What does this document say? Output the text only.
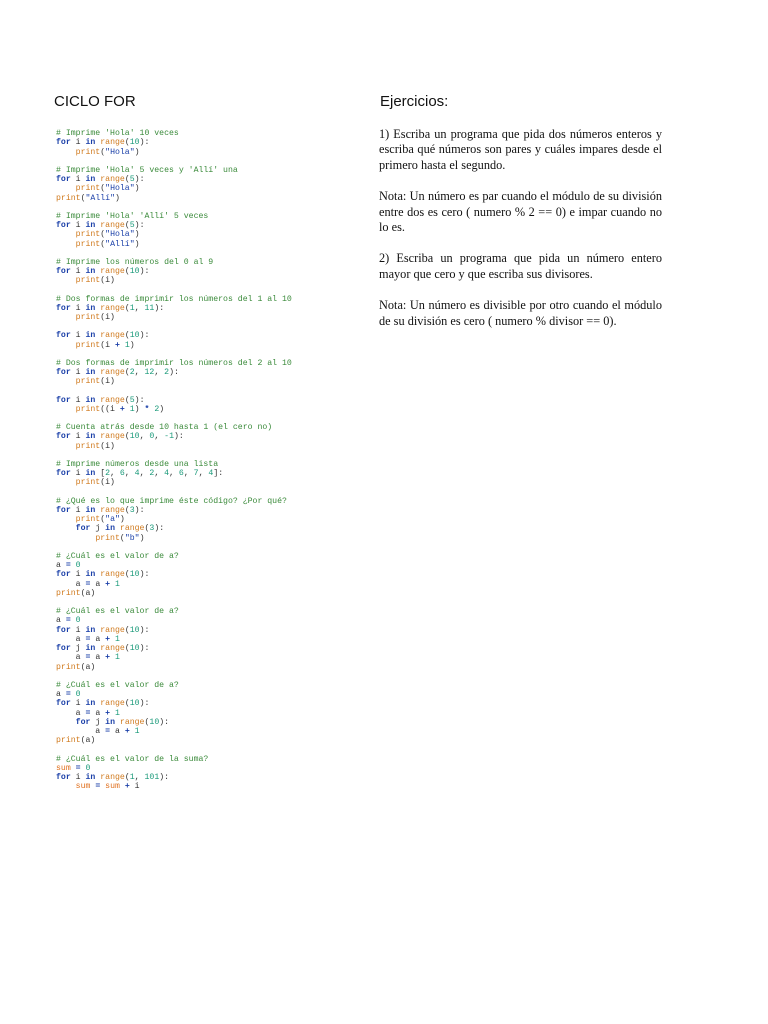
CICLO FOR	Ejercicios:
# Imprime 'Hola' 10 veces
for i in range(10):
print("Hola")
# Imprime 'Hola' 5 veces y 'Allí' una
for i in range(5):
print("Hola")
print("Allí")
# Imprime 'Hola' 'Allí' 5 veces
for i in range(5):
print("Hola")
print("Allí")
# Imprime los números del 0 al 9
for i in range(10):
print(i)
# Dos formas de imprimir los números del 1 al 10
for i in range(1, 11):
print(i)
for i in range(10):
print(i + 1)
# Dos formas de imprimir los números del 2 al 10
for i in range(2, 12, 2):
print(i)
for i in range(5):
print((i + 1) * 2)
# Cuenta atrás desde 10 hasta 1 (el cero no)
for i in range(10, 0, -1):
print(i)
# Imprime números desde una lista
for i in [2, 6, 4, 2, 4, 6, 7, 4]:
print(i)
# ¿Qué es lo que imprime éste código? ¿Por qué?
for i in range(3):
print("a")
for j in range(3):
print("b")
# ¿Cuál es el valor de a?
a = 0
for i in range(10):
a = a + 1
print(a)
# ¿Cuál es el valor de a?
a = 0
for i in range(10):
a = a + 1
for j in range(10):
a = a + 1
print(a)
# ¿Cuál es el valor de a?
a = 0
for i in range(10):
a = a + 1
for j in range(10):
a = a + 1
print(a)
# ¿Cuál es el valor de la suma?
sum = 0
for i in range(1, 101):
sum = sum + i

1) Escriba un programa que pida dos números enteros y escriba qué números son pares y cuáles impares desde el primero hasta el segundo.

Nota: Un número es par cuando el módulo de su división entre dos es cero ( numero % 2 == 0) e impar cuando no lo es.

2) Escriba un programa que pida un número entero mayor que cero y que escriba sus divisores.

Nota: Un número es divisible por otro cuando el módulo de su división es cero ( numero % divisor == 0).
